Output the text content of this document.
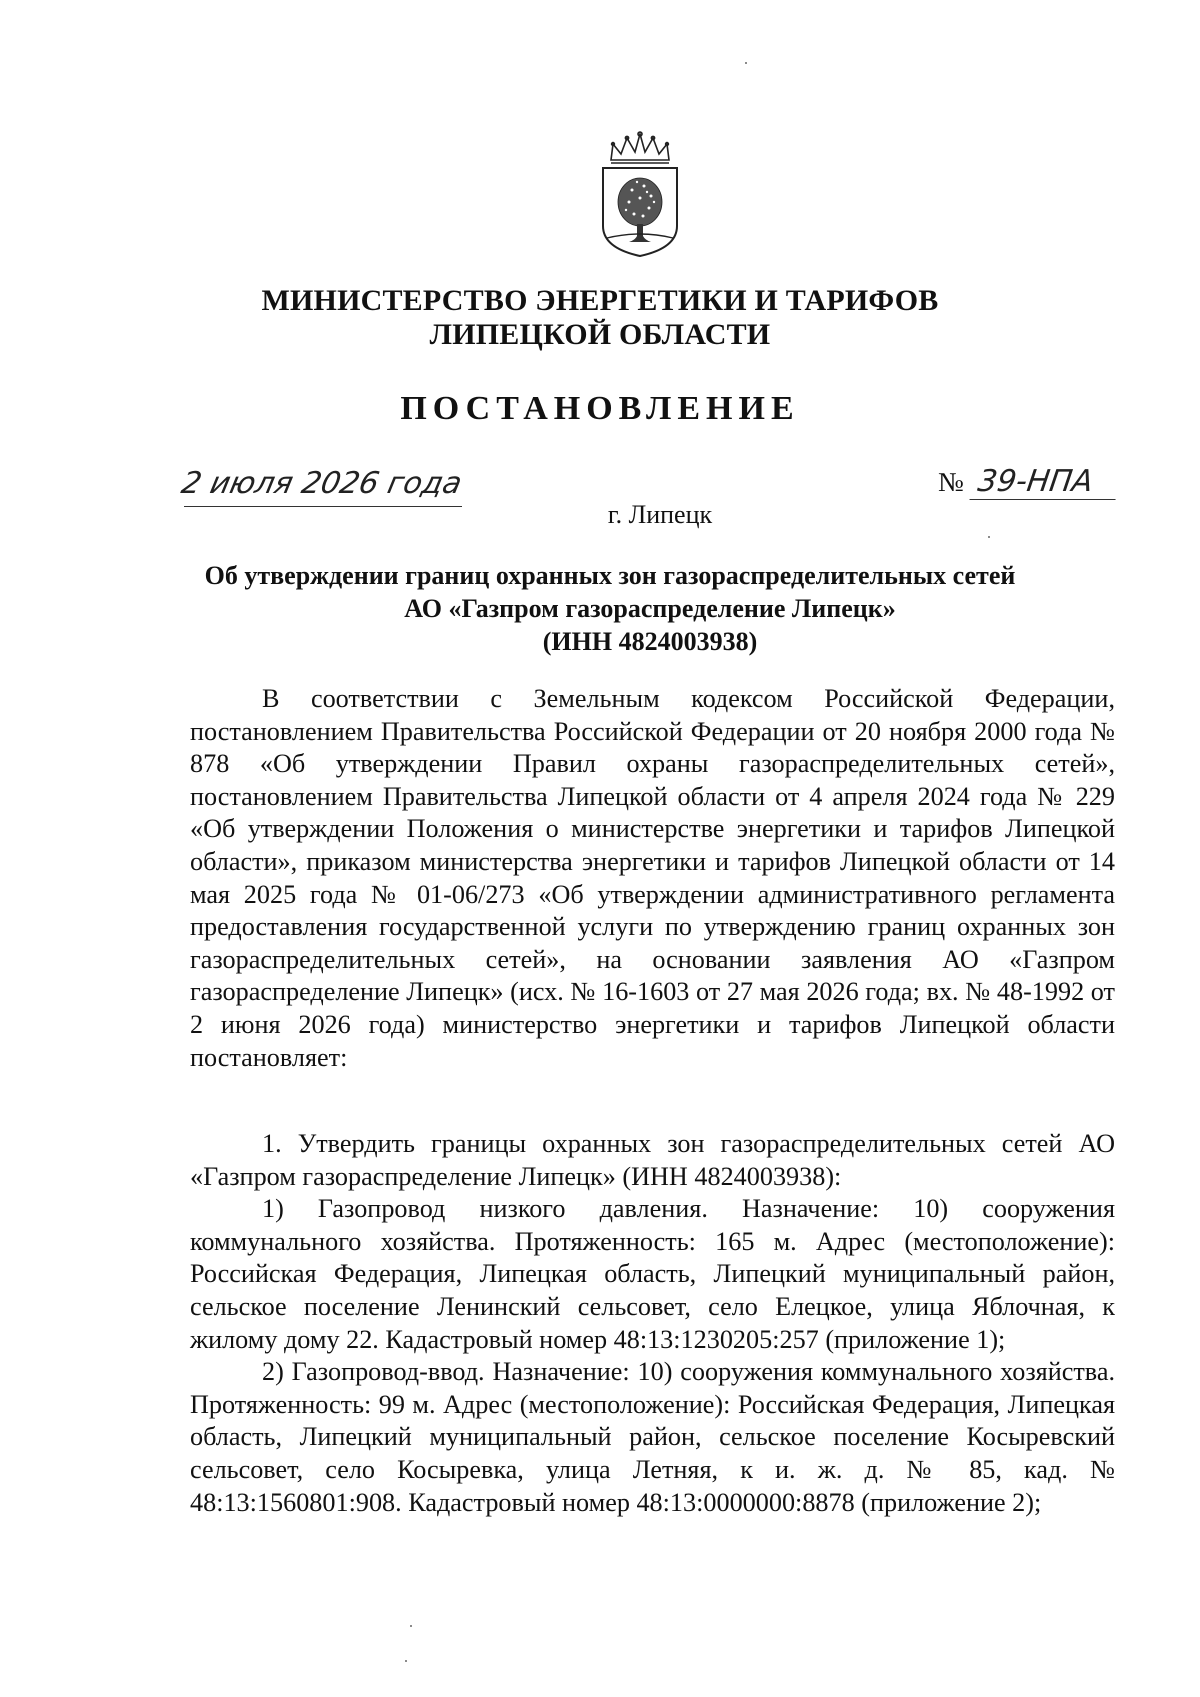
МИНИСТЕРСТВО ЭНЕРГЕТИКИ И ТАРИФОВ
ЛИПЕЦКОЙ ОБЛАСТИ
ПОСТАНОВЛЕНИЕ
2 июля 2026 года	№ 39-НПА
г. Липецк
Об утверждении границ охранных зон газораспределительных сетей
АО «Газпром газораспределение Липецк»
(ИНН 4824003938)

В соответствии с Земельным кодексом Российской Федерации, постановлением Правительства Российской Федерации от 20 ноября 2000 года № 878 «Об утверждении Правил охраны газораспределительных сетей», постановлением Правительства Липецкой области от 4 апреля 2024 года № 229 «Об утверждении Положения о министерстве энергетики и тарифов Липецкой области», приказом министерства энергетики и тарифов Липецкой области от 14 мая 2025 года № 01-06/273 «Об утверждении административного регламента предоставления государственной услуги по утверждению границ охранных зон газораспределительных сетей», на основании заявления АО «Газпром газораспределение Липецк» (исх. № 16-1603 от 27 мая 2026 года; вх. № 48-1992 от 2 июня 2026 года) министерство энергетики и тарифов Липецкой области постановляет:

1. Утвердить границы охранных зон газораспределительных сетей АО «Газпром газораспределение Липецк» (ИНН 4824003938):

1) Газопровод низкого давления. Назначение: 10) сооружения коммунального хозяйства. Протяженность: 165 м. Адрес (местоположение): Российская Федерация, Липецкая область, Липецкий муниципальный район, сельское поселение Ленинский сельсовет, село Елецкое, улица Яблочная, к жилому дому 22. Кадастровый номер 48:13:1230205:257 (приложение 1);

2) Газопровод-ввод. Назначение: 10) сооружения коммунального хозяйства. Протяженность: 99 м. Адрес (местоположение): Российская Федерация, Липецкая область, Липецкий муниципальный район, сельское поселение Косыревский сельсовет, село Косыревка, улица Летняя, к и. ж. д. № 85, кад. № 48:13:1560801:908. Кадастровый номер 48:13:0000000:8878 (приложение 2);
